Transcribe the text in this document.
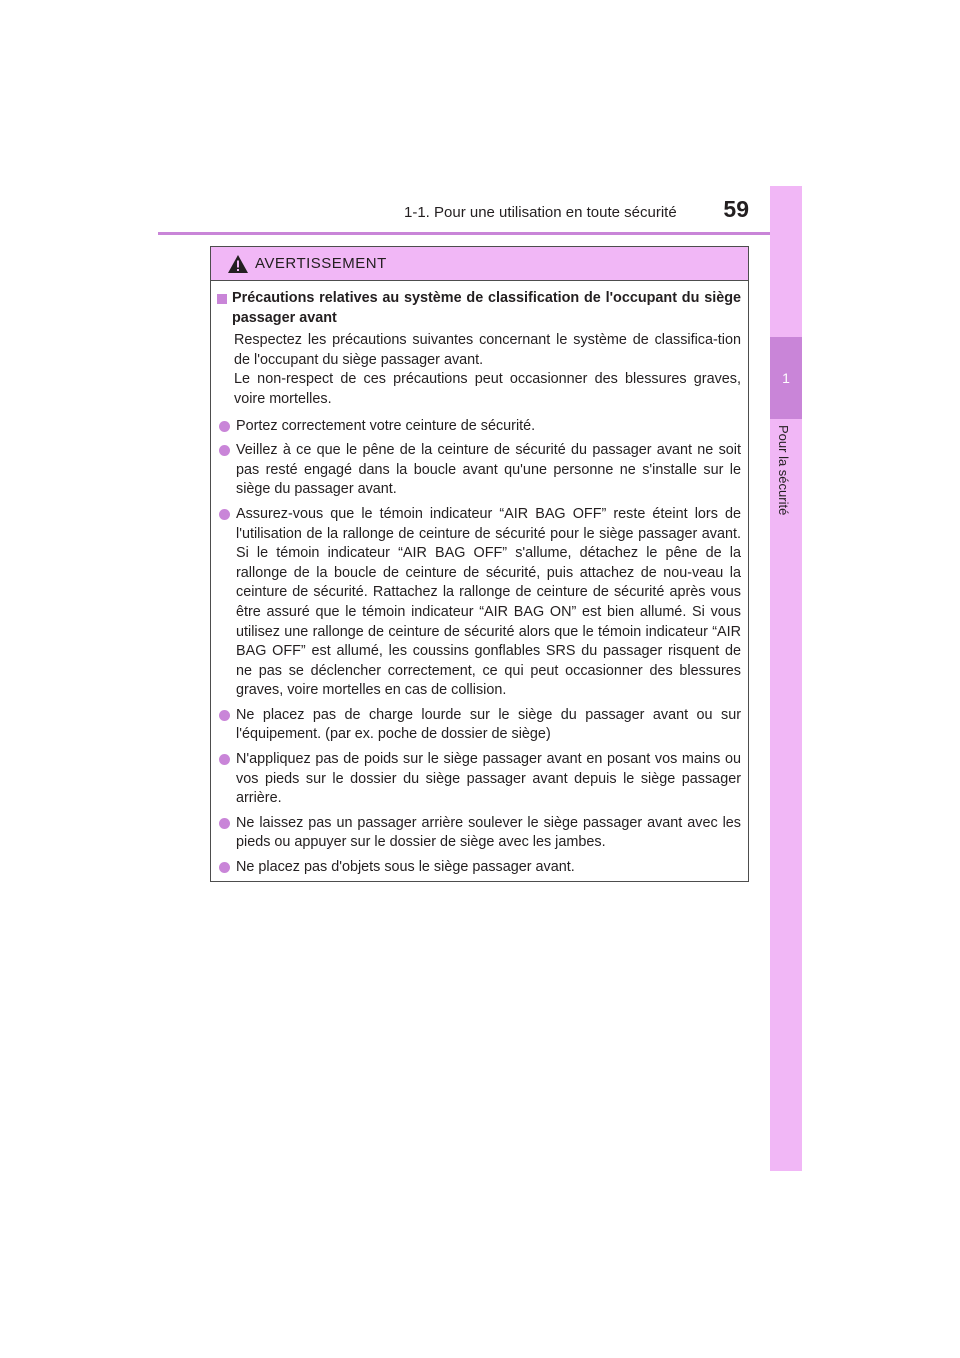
1-1. Pour une utilisation en toute sécurité 59
1
Pour la sécurité
AVERTISSEMENT
Précautions relatives au système de classification de l'occupant du siège passager avant
Respectez les précautions suivantes concernant le système de classifica-tion de l'occupant du siège passager avant.
Le non-respect de ces précautions peut occasionner des blessures graves, voire mortelles.
Portez correctement votre ceinture de sécurité.
Veillez à ce que le pêne de la ceinture de sécurité du passager avant ne soit pas resté engagé dans la boucle avant qu'une personne ne s'installe sur le siège du passager avant.
Assurez-vous que le témoin indicateur “AIR BAG OFF” reste éteint lors de l'utilisation de la rallonge de ceinture de sécurité pour le siège passager avant. Si le témoin indicateur “AIR BAG OFF” s'allume, détachez le pêne de la rallonge de la boucle de ceinture de sécurité, puis attachez de nou-veau la ceinture de sécurité. Rattachez la rallonge de ceinture de sécurité après vous être assuré que le témoin indicateur “AIR BAG ON” est bien allumé. Si vous utilisez une rallonge de ceinture de sécurité alors que le témoin indicateur “AIR BAG OFF” est allumé, les coussins gonflables SRS du passager risquent de ne pas se déclencher correctement, ce qui peut occasionner des blessures graves, voire mortelles en cas de collision.
Ne placez pas de charge lourde sur le siège du passager avant ou sur l'équipement. (par ex. poche de dossier de siège)
N'appliquez pas de poids sur le siège passager avant en posant vos mains ou vos pieds sur le dossier du siège passager avant depuis le siège passager arrière.
Ne laissez pas un passager arrière soulever le siège passager avant avec les pieds ou appuyer sur le dossier de siège avec les jambes.
Ne placez pas d'objets sous le siège passager avant.
